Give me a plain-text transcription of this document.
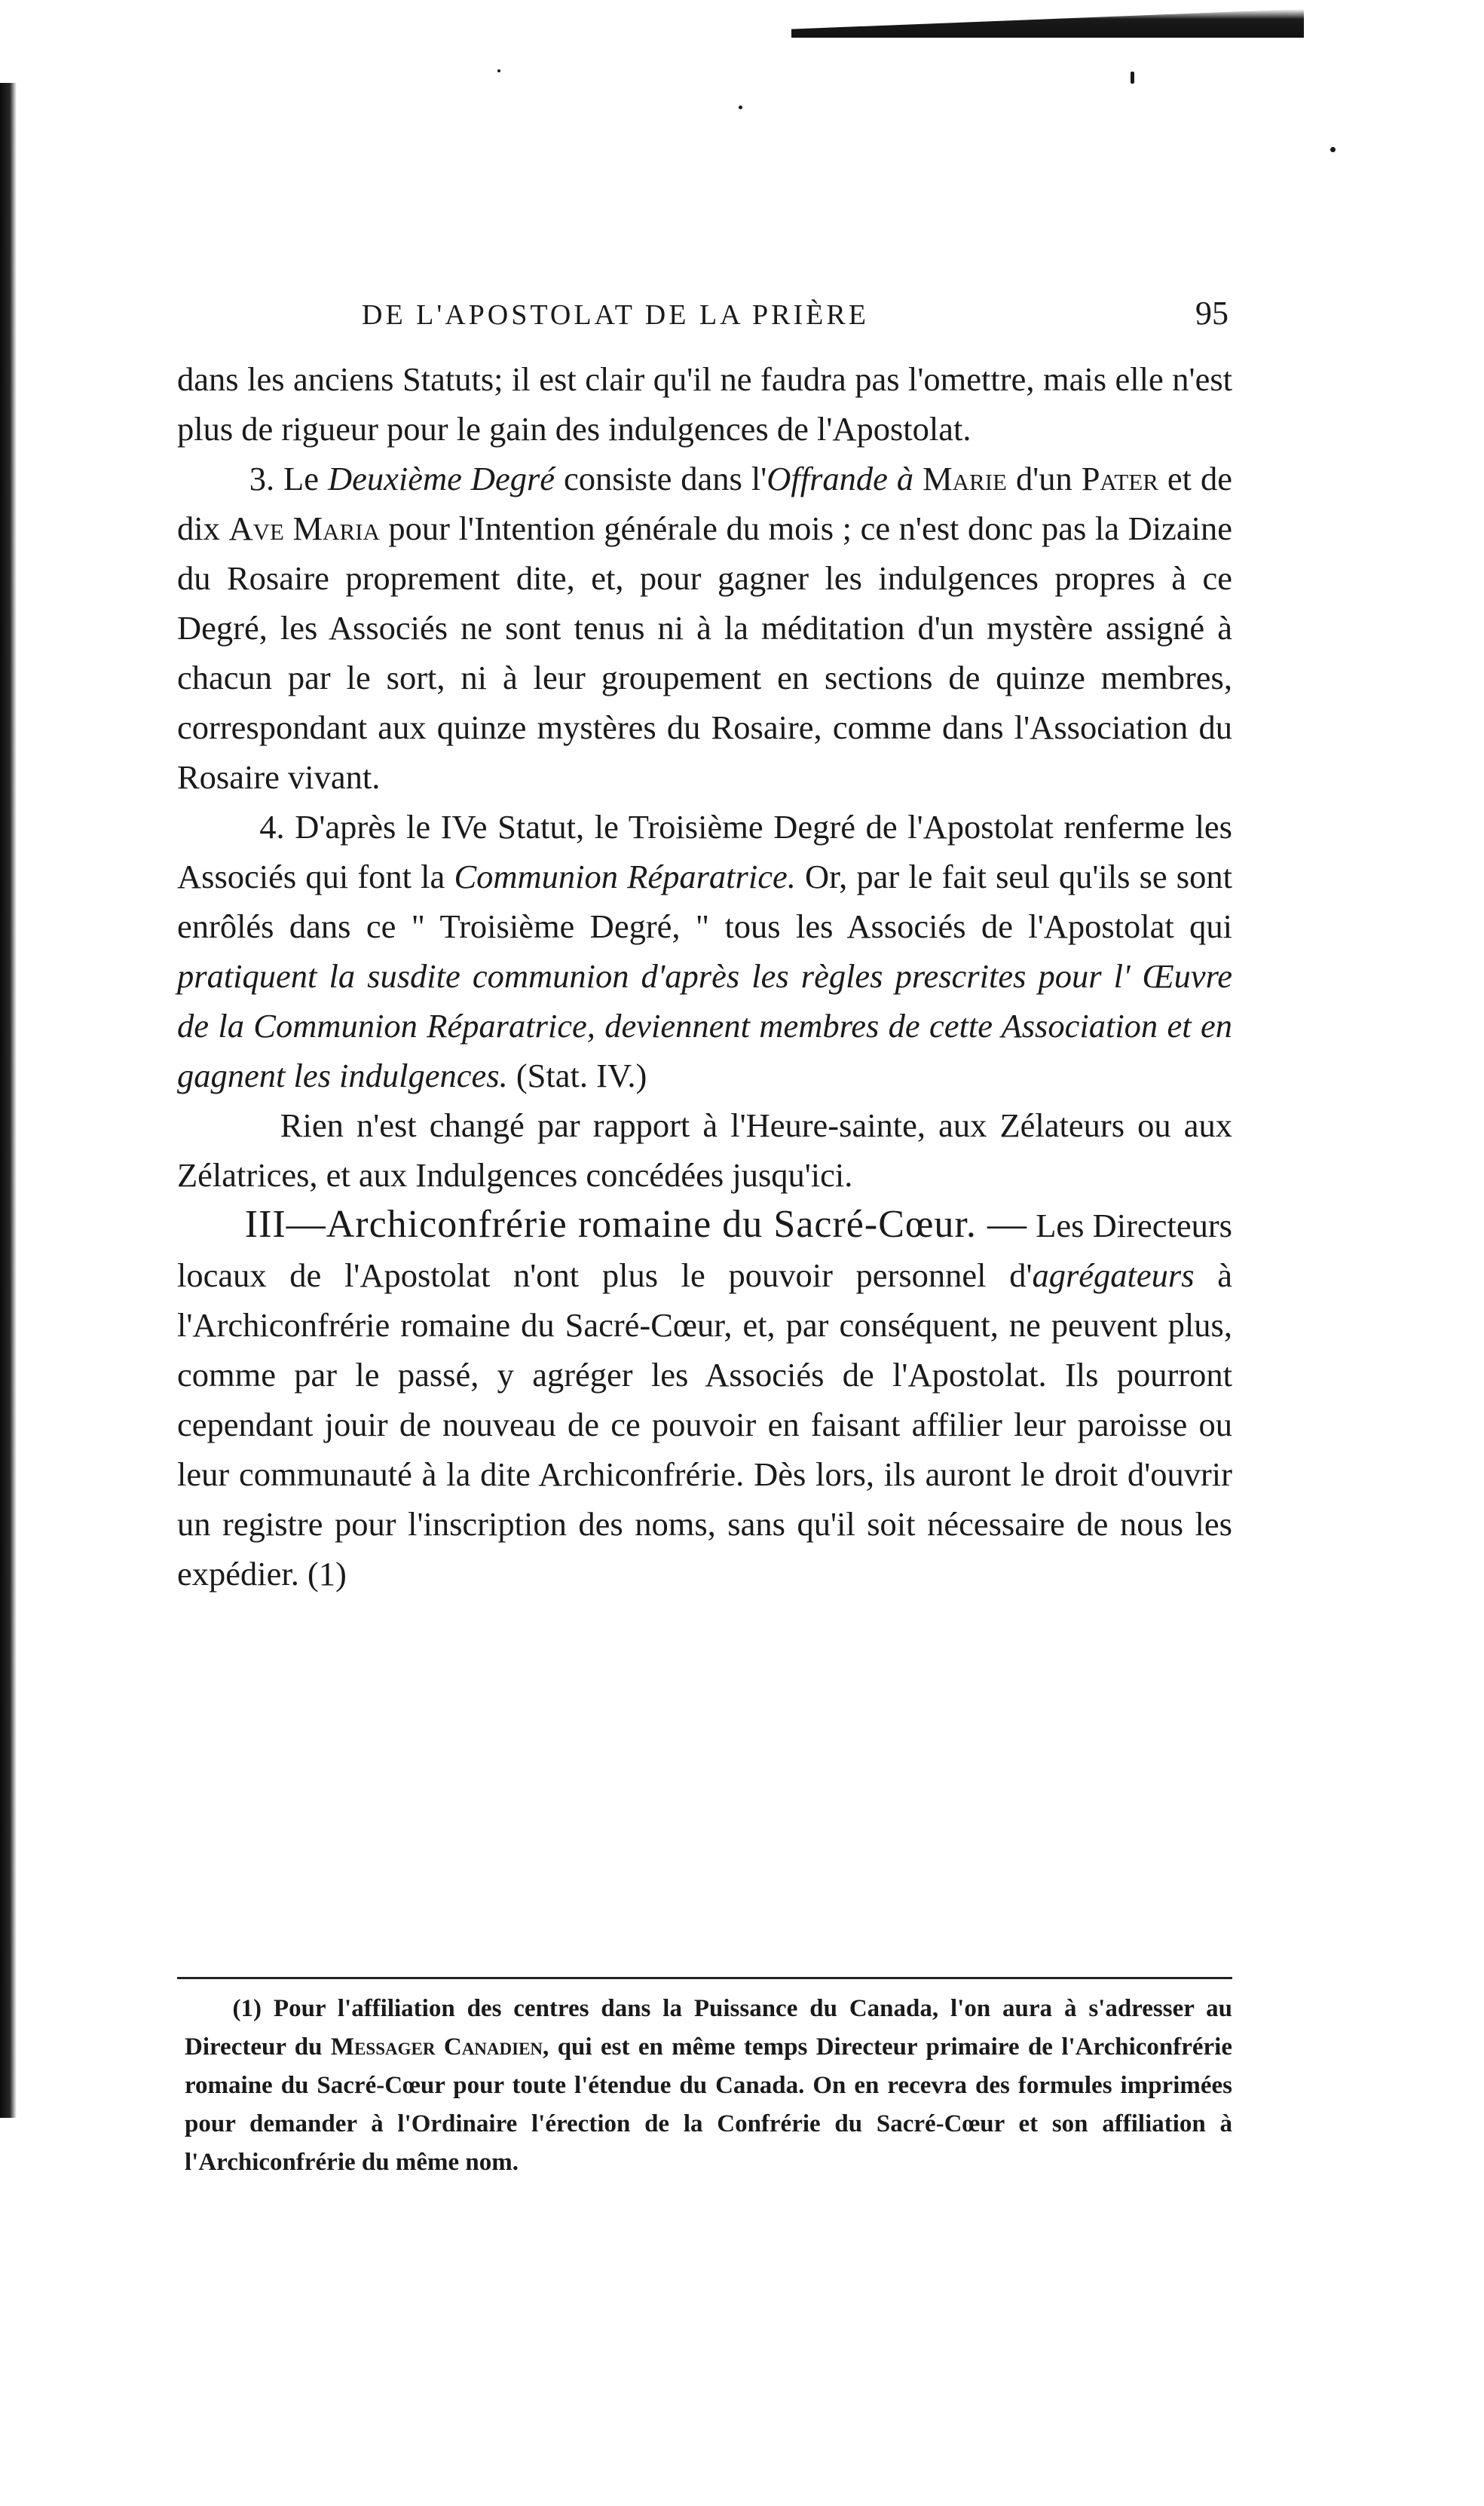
DE L'APOSTOLAT DE LA PRIÈRE	95

dans les anciens Statuts; il est clair qu'il ne faudra pas l'omettre, mais elle n'est plus de rigueur pour le gain des indulgences de l'Apostolat.

3. Le Deuxième Degré consiste dans l'Offrande à Marie d'un Pater et de dix Ave Maria pour l'Intention générale du mois ; ce n'est donc pas la Dizaine du Rosaire proprement dite, et, pour gagner les indulgences propres à ce Degré, les Associés ne sont tenus ni à la méditation d'un mystère assigné à chacun par le sort, ni à leur groupement en sections de quinze membres, correspondant aux quinze mystères du Rosaire, comme dans l'Association du Rosaire vivant.

4. D'après le IVe Statut, le Troisième Degré de l'Apostolat renferme les Associés qui font la Communion Réparatrice. Or, par le fait seul qu'ils se sont enrôlés dans ce " Troisième Degré, " tous les Associés de l'Apostolat qui pratiquent la susdite communion d'après les règles prescrites pour l' Œuvre de la Communion Réparatrice, deviennent membres de cette Association et en gagnent les indulgences. (Stat. IV.)

Rien n'est changé par rapport à l'Heure-sainte, aux Zélateurs ou aux Zélatrices, et aux Indulgences concédées jusqu'ici.

III—Archiconfrérie romaine du Sacré-Cœur. — Les Directeurs locaux de l'Apostolat n'ont plus le pouvoir personnel d'agrégateurs à l'Archiconfrérie romaine du Sacré-Cœur, et, par conséquent, ne peuvent plus, comme par le passé, y agréger les Associés de l'Apostolat. Ils pourront cependant jouir de nouveau de ce pouvoir en faisant affilier leur paroisse ou leur communauté à la dite Archiconfrérie. Dès lors, ils auront le droit d'ouvrir un registre pour l'inscription des noms, sans qu'il soit nécessaire de nous les expédier. (1)

(1) Pour l'affiliation des centres dans la Puissance du Canada, l'on aura à s'adresser au Directeur du Messager Canadien, qui est en même temps Directeur primaire de l'Archiconfrérie romaine du Sacré-Cœur pour toute l'étendue du Canada. On en recevra des formules imprimées pour demander à l'Ordinaire l'érection de la Confrérie du Sacré-Cœur et son affiliation à l'Archiconfrérie du même nom.
